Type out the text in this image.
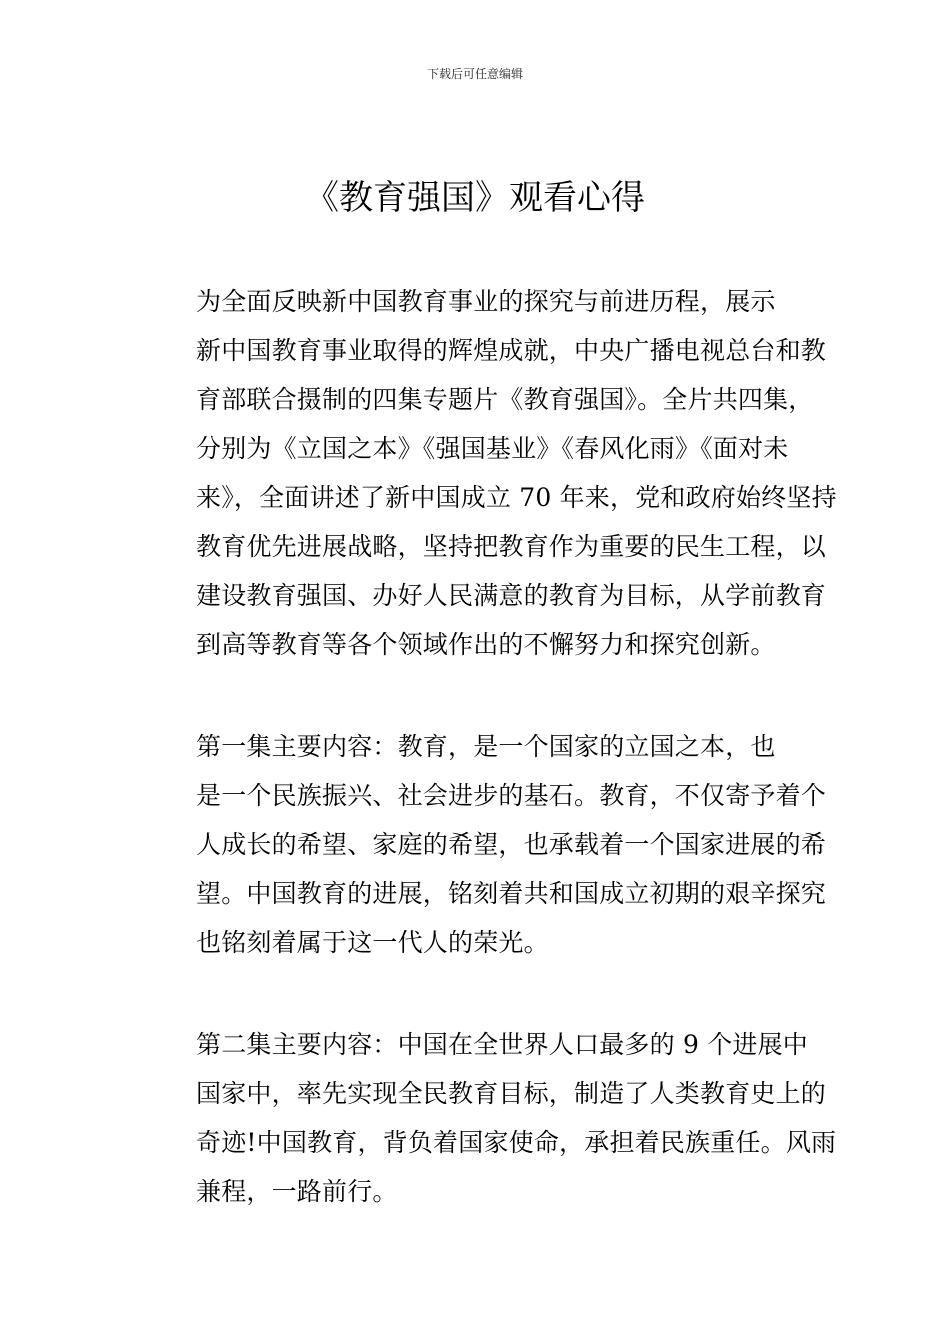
下载后可任意编辑
《教育强国》观看心得

为全面反映新中国教育事业的探究与前进历程，展示
新中国教育事业取得的辉煌成就，中央广播电视总台和教
育部联合摄制的四集专题片《教育强国》。全片共四集，
分别为《立国之本》《强国基业》《春风化雨》《面对未
来》，全面讲述了新中国成立 70 年来，党和政府始终坚持
教育优先进展战略，坚持把教育作为重要的民生工程，以
建设教育强国、办好人民满意的教育为目标，从学前教育
到高等教育等各个领域作出的不懈努力和探究创新。

第一集主要内容：教育，是一个国家的立国之本，也
是一个民族振兴、社会进步的基石。教育，不仅寄予着个
人成长的希望、家庭的希望，也承载着一个国家进展的希
望。中国教育的进展，铭刻着共和国成立初期的艰辛探究
也铭刻着属于这一代人的荣光。

第二集主要内容：中国在全世界人口最多的 9 个进展中
国家中，率先实现全民教育目标，制造了人类教育史上的
奇迹!中国教育，背负着国家使命，承担着民族重任。风雨
兼程，一路前行。
